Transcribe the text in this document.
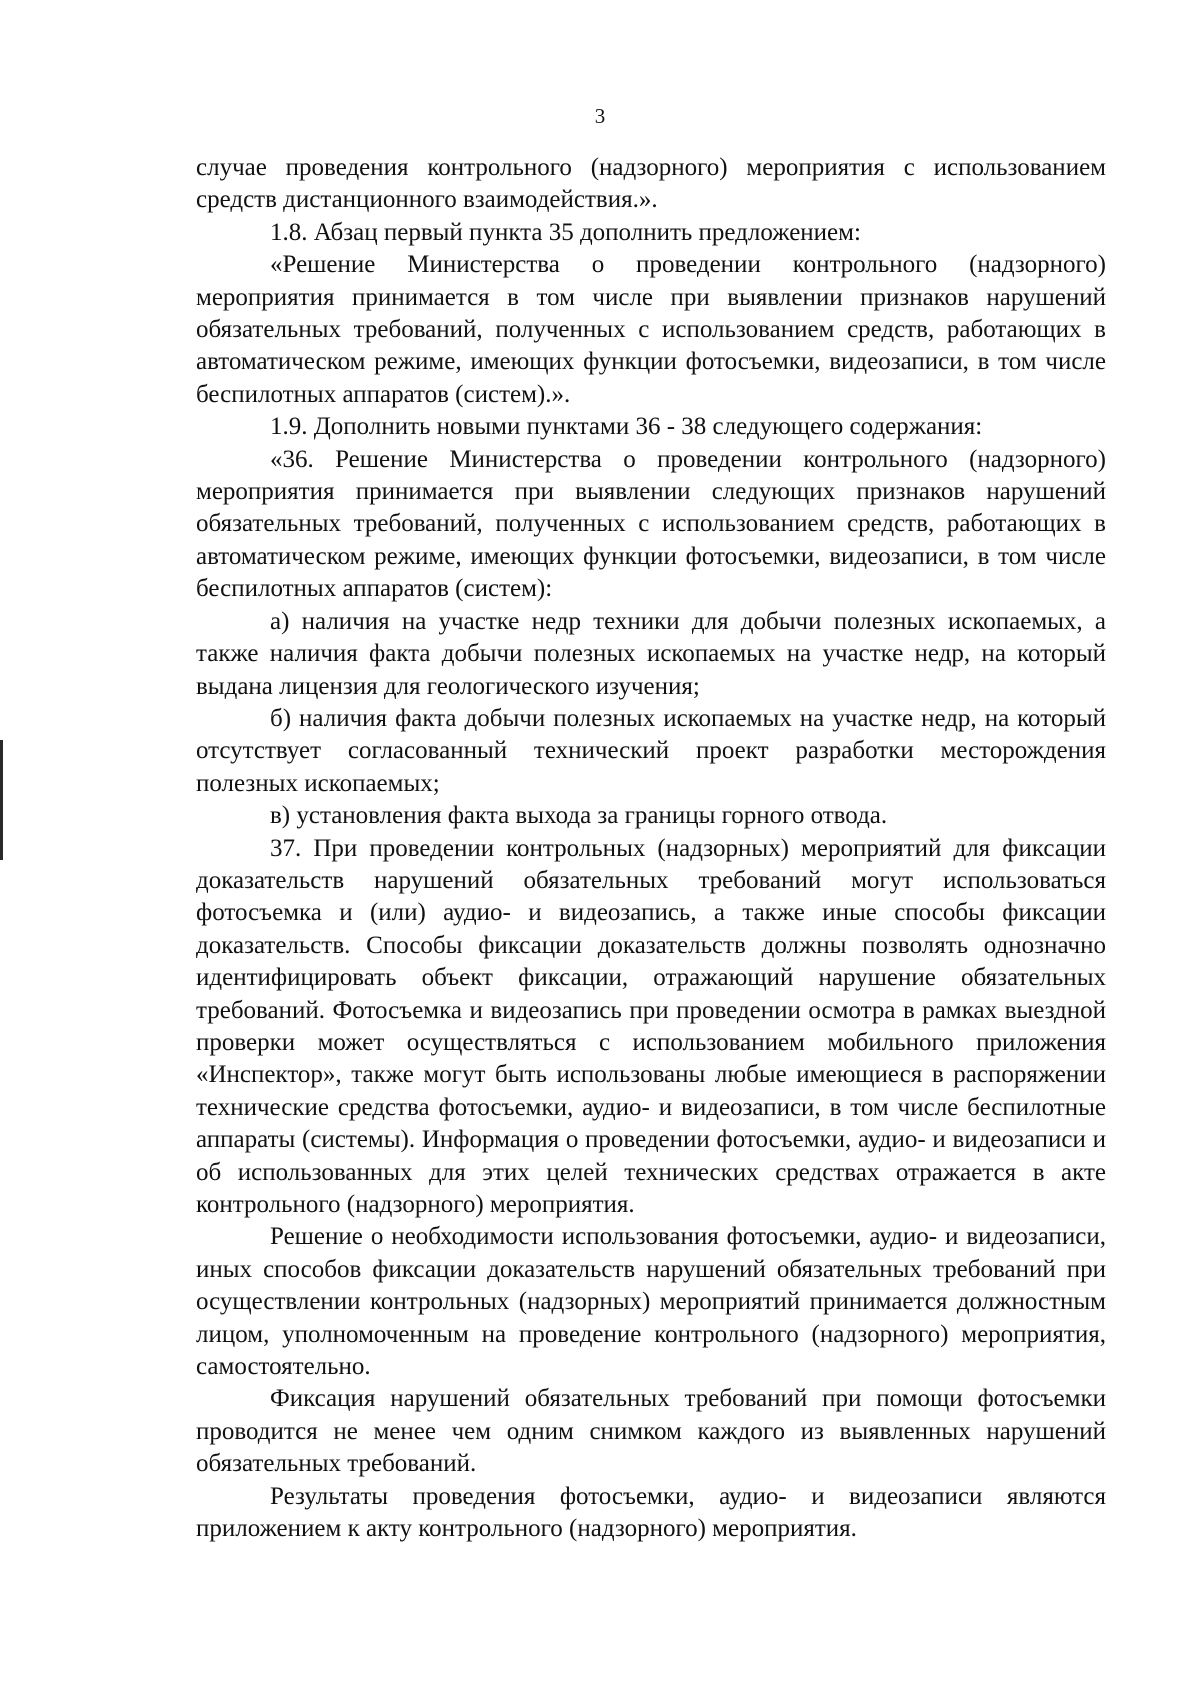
3

случае проведения контрольного (надзорного) мероприятия с использованием средств дистанционного взаимодействия.».

1.8. Абзац первый пункта 35 дополнить предложением:

«Решение Министерства о проведении контрольного (надзорного) мероприятия принимается в том числе при выявлении признаков нарушений обязательных требований, полученных с использованием средств, работающих в автоматическом режиме, имеющих функции фотосъемки, видеозаписи, в том числе беспилотных аппаратов (систем).».

1.9. Дополнить новыми пунктами 36 - 38 следующего содержания:

«36. Решение Министерства о проведении контрольного (надзорного) мероприятия принимается при выявлении следующих признаков нарушений обязательных требований, полученных с использованием средств, работающих в автоматическом режиме, имеющих функции фотосъемки, видеозаписи, в том числе беспилотных аппаратов (систем):

а) наличия на участке недр техники для добычи полезных ископаемых, а также наличия факта добычи полезных ископаемых на участке недр, на который выдана лицензия для геологического изучения;

б) наличия факта добычи полезных ископаемых на участке недр, на который отсутствует согласованный технический проект разработки месторождения полезных ископаемых;

в) установления факта выхода за границы горного отвода.

37. При проведении контрольных (надзорных) мероприятий для фиксации доказательств нарушений обязательных требований могут использоваться фотосъемка и (или) аудио- и видеозапись, а также иные способы фиксации доказательств. Способы фиксации доказательств должны позволять однозначно идентифицировать объект фиксации, отражающий нарушение обязательных требований. Фотосъемка и видеозапись при проведении осмотра в рамках выездной проверки может осуществляться с использованием мобильного приложения «Инспектор», также могут быть использованы любые имеющиеся в распоряжении технические средства фотосъемки, аудио- и видеозаписи, в том числе беспилотные аппараты (системы). Информация о проведении фотосъемки, аудио- и видеозаписи и об использованных для этих целей технических средствах отражается в акте контрольного (надзорного) мероприятия.

Решение о необходимости использования фотосъемки, аудио- и видеозаписи, иных способов фиксации доказательств нарушений обязательных требований при осуществлении контрольных (надзорных) мероприятий принимается должностным лицом, уполномоченным на проведение контрольного (надзорного) мероприятия, самостоятельно.

Фиксация нарушений обязательных требований при помощи фотосъемки проводится не менее чем одним снимком каждого из выявленных нарушений обязательных требований.

Результаты проведения фотосъемки, аудио- и видеозаписи являются приложением к акту контрольного (надзорного) мероприятия.
